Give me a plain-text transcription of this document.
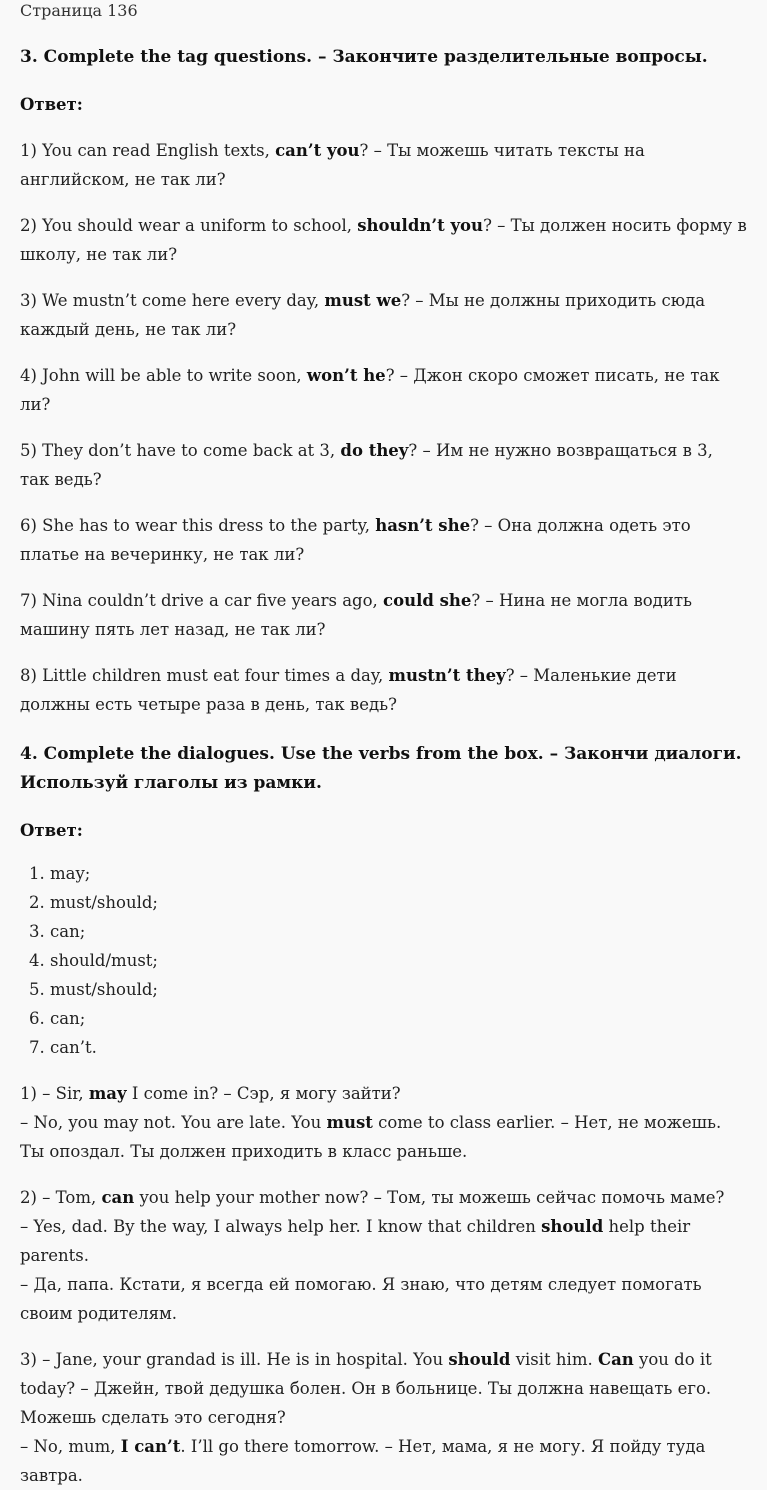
Страница 136

3. Complete the tag questions. – Закончите разделительные вопросы.

Ответ:

1) You can read English texts, can’t you? – Ты можешь читать тексты на английском, не так ли?

2) You should wear a uniform to school, shouldn’t you? – Ты должен носить форму в школу, не так ли?

3) We mustn’t come here every day, must we? – Мы не должны приходить сюда каждый день, не так ли?

4) John will be able to write soon, won’t he? – Джон скоро сможет писать, не так ли?

5) They don’t have to come back at 3, do they? – Им не нужно возвращаться в 3, так ведь?

6) She has to wear this dress to the party, hasn’t she? – Она должна одеть это платье на вечеринку, не так ли?

7) Nina couldn’t drive a car five years ago, could she? – Нина не могла водить машину пять лет назад, не так ли?

8) Little children must eat four times a day, mustn’t they? – Маленькие дети должны есть четыре раза в день, так ведь?

4. Complete the dialogues. Use the verbs from the box. – Закончи диалоги. Используй глаголы из рамки.

Ответ:

1. may;
2. must/should;
3. can;
4. should/must;
5. must/should;
6. can;
7. can’t.

1) – Sir, may I come in? – Сэр, я могу зайти?
– No, you may not. You are late. You must come to class earlier. – Нет, не можешь. Ты опоздал. Ты должен приходить в класс раньше.

2) – Tom, can you help your mother now? – Том, ты можешь сейчас помочь маме?
– Yes, dad. By the way, I always help her. I know that children should help their parents.
– Да, папа. Кстати, я всегда ей помогаю. Я знаю, что детям следует помогать своим родителям.

3) – Jane, your grandad is ill. He is in hospital. You should visit him. Can you do it today? – Джейн, твой дедушка болен. Он в больнице. Ты должна навещать его. Можешь сделать это сегодня?
– No, mum, I can’t. I’ll go there tomorrow. – Нет, мама, я не могу. Я пойду туда завтра.
